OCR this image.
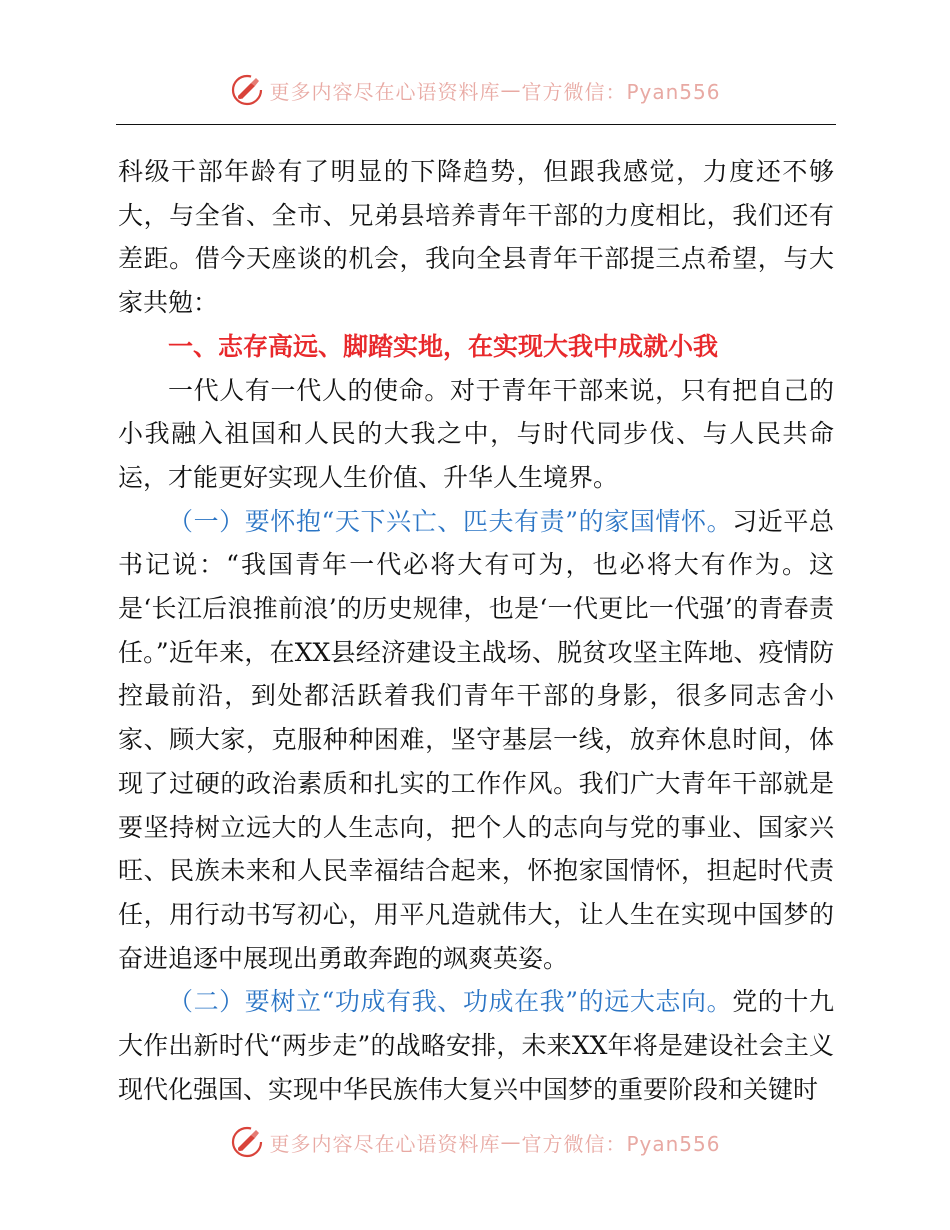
更多内容尽在心语资料库 — 官方微信：Pyan556

科级干部年龄有了明显的下降趋势，但跟我感觉，力度还不够大，与全省、全市、兄弟县培养青年干部的力度相比，我们还有差距。借今天座谈的机会，我向全县青年干部提三点希望，与大家共勉：

一、志存高远、脚踏实地，在实现大我中成就小我

一代人有一代人的使命。对于青年干部来说，只有把自己的小我融入祖国和人民的大我之中，与时代同步伐、与人民共命运，才能更好实现人生价值、升华人生境界。

（一）要怀抱“天下兴亡、匹夫有责”的家国情怀。习近平总书记说：“我国青年一代必将大有可为，也必将大有作为。这是‘长江后浪推前浪’的历史规律，也是‘一代更比一代强’的青春责任。”近年来，在XX县经济建设主战场、脱贫攻坚主阵地、疫情防控最前沿，到处都活跃着我们青年干部的身影，很多同志舍小家、顾大家，克服种种困难，坚守基层一线，放弃休息时间，体现了过硬的政治素质和扎实的工作作风。我们广大青年干部就是要坚持树立远大的人生志向，把个人的志向与党的事业、国家兴旺、民族未来和人民幸福结合起来，怀抱家国情怀，担起时代责任，用行动书写初心，用平凡造就伟大，让人生在实现中国梦的奋进追逐中展现出勇敢奔跑的飒爽英姿。

（二）要树立“功成有我、功成在我”的远大志向。党的十九大作出新时代“两步走”的战略安排，未来XX年将是建设社会主义现代化强国、实现中华民族伟大复兴中国梦的重要阶段和关键时

更多内容尽在心语资料库 — 官方微信：Pyan556
